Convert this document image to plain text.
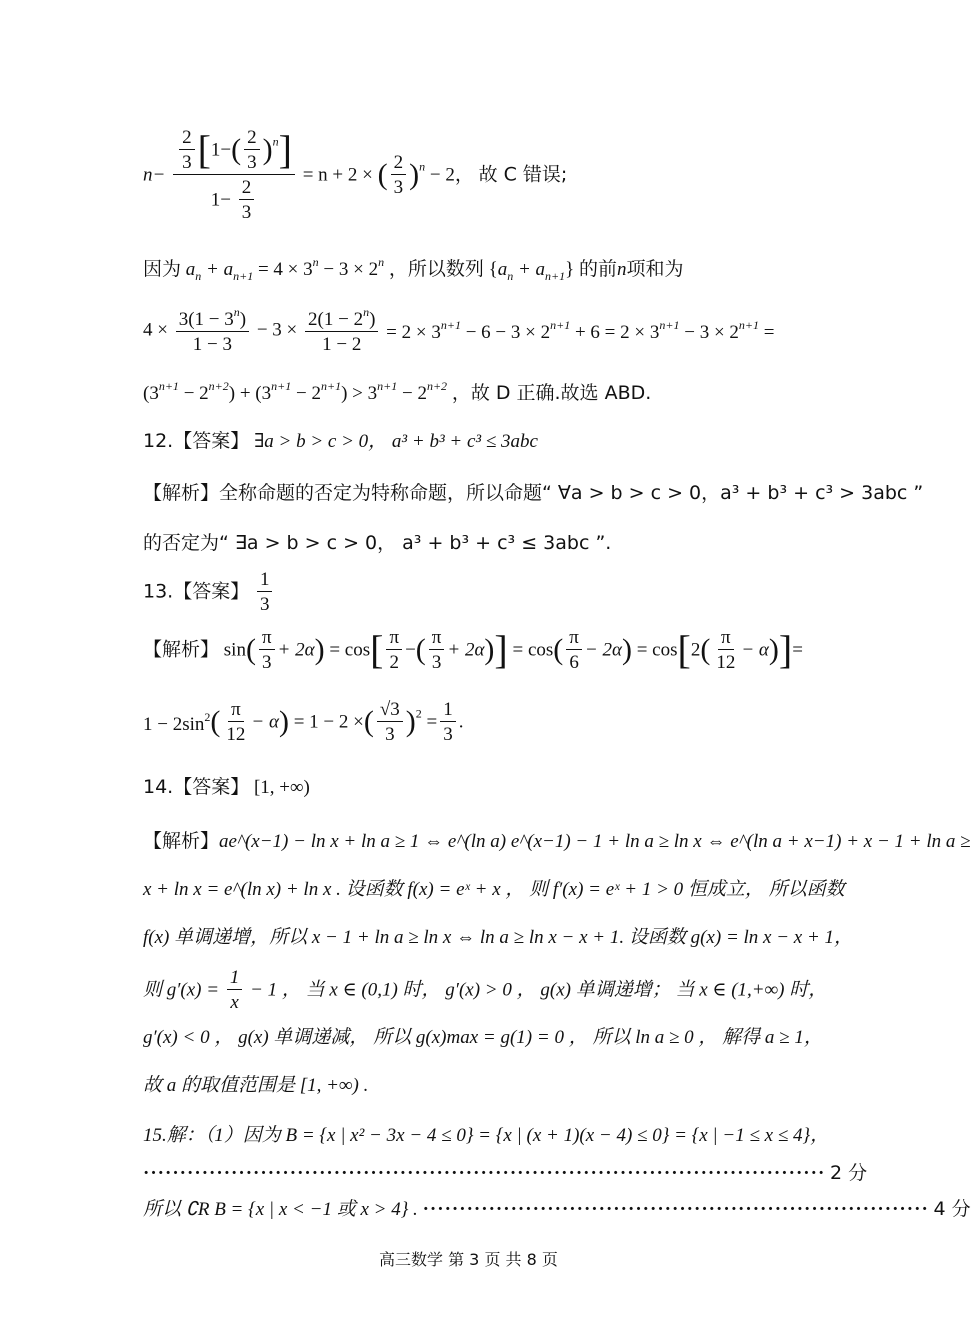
$n- \frac{\frac{2}{3} [1-( \frac{2}{3} )^n]}{1- \frac{2}{3}} = n + 2$ × ( $\frac{2}{3} )^n - 2$， 故 C 错误;
因为 $a_n + a_{n+1} = 4 \times 3^n - 3 \times 2^n$ ，所以数列 $\{a_n + a_{n+1}\}$ 的前n项和为
$4 \times \frac{3(1 - 3^n)}{1 - 3} - 3 \times \frac{2(1 - 2^n)}{1 - 2} = 2 \times 3^{n+1} - 6 - 3 \times 2^{n+1} + 6 = 2 \times 3^{n+1} - 3 \times 2^{n+1}$ =
$(3^{n+1} - 2^{n+2}) + (3^{n+1} - 2^{n+1}) > 3^{n+1} - 2^{n+2}$ ，故 D 正确.故选 ABD.
12.【答案】 ∃a > b > c > 0， a³ + b³ + c³ ≤ 3abc
【解析】全称命题的否定为特称命题，所以命题“ ∀a > b > c > 0，a³ + b³ + c³ > 3abc ”
的否定为“ ∃a > b > c > 0， a³ + b³ + c³ ≤ 3abc ”.
13.【答案】 $\frac{1}{3}$
【解析】 $\sin( \frac{\pi}{3} + 2\alpha) = \cos[ \frac{\pi}{2}$ −( $\frac{\pi}{3} + 2\alpha)] = \cos( \frac{\pi}{6} - 2\alpha) = \cos[2( \frac{\pi}{12} - \alpha)]=$
$1 - 2\sin^2( \frac{\pi}{12} - \alpha) = 1 - 2$ ×( $\frac{√3}{3} )^2 = \frac{1}{3}$ .
14.【答案】 [1, +∞)
【解析】ae^(x−1) − ln x + ln a ≥ 1 ⇔ e^(ln a) e^(x−1) − 1 + ln a ≥ ln x ⇔ e^(ln a + x−1) + x − 1 + ln a ≥
x + ln x = e^(ln x) + ln x . 设函数 f(x) = eˣ + x ， 则 f′(x) = eˣ + 1 > 0 恒成立， 所以函数
f(x) 单调递增，所以 x − 1 + ln a ≥ ln x ⇔ ln a ≥ ln x − x + 1. 设函数 g(x) = ln x − x + 1，
则 $g'(x) = \frac{1}{x} - 1$ ， 当 x ∈ (0,1) 时， g′(x) > 0 ， g(x) 单调递增； 当 x ∈ (1,+∞) 时，
g′(x) < 0 ， g(x) 单调递减， 所以 g(x)max = g(1) = 0 ， 所以 ln a ≥ 0 ， 解得 a ≥ 1，
故 a 的取值范围是 [1, +∞) .
15.解：（1）因为 B = {x | x² − 3x − 4 ≤ 0} = {x | (x + 1)(x − 4) ≤ 0} = {x | −1 ≤ x ≤ 4}，
····························································································· 2 分
所以 ∁R B = {x | x < −1 或 x > 4} . ····································································· 4 分
高三数学 第 3 页 共 8 页
